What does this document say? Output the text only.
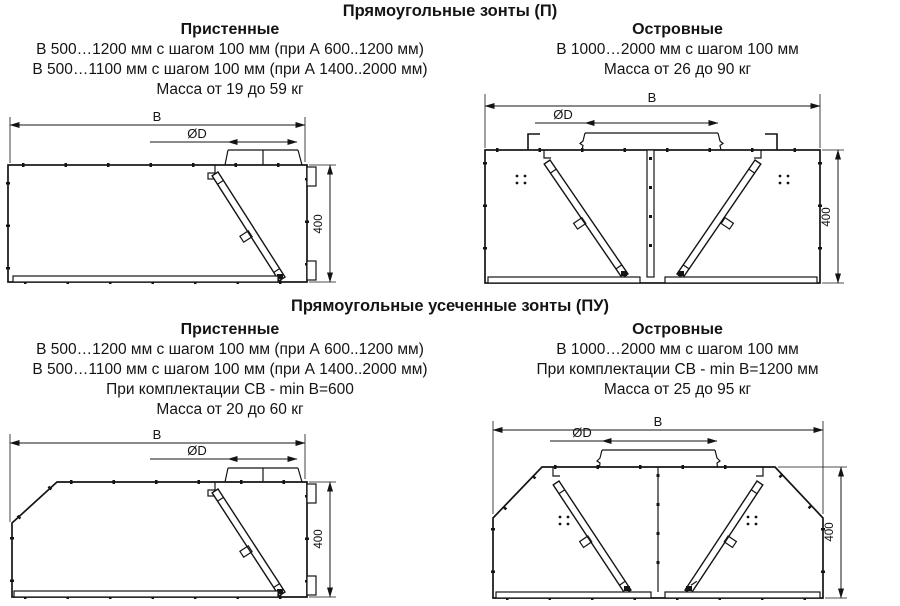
Прямоугольные зонты (П)
Пристенные
В 500…1200 мм с шагом 100 мм (при А 600..1200 мм)
В 500…1100 мм с шагом 100 мм (при А 1400..2000 мм)
Масса от 19 до 59 кг
Островные
В 1000…2000 мм с шагом 100 мм
Масса от 26 до 90 кг
Прямоугольные усеченные зонты (ПУ)
Пристенные
В 500…1200 мм с шагом 100 мм (при А 600..1200 мм)
В 500…1100 мм с шагом 100 мм (при А 1400..2000 мм)
При комплектации СВ - min В=600
Масса от 20 до 60 кг
Островные
В 1000…2000 мм с шагом 100 мм
При комплектации СВ - min В=1200 мм
Масса от 25 до 95 кг
B
ØD
400
B
ØD
400
B
ØD
400
B
ØD
400
